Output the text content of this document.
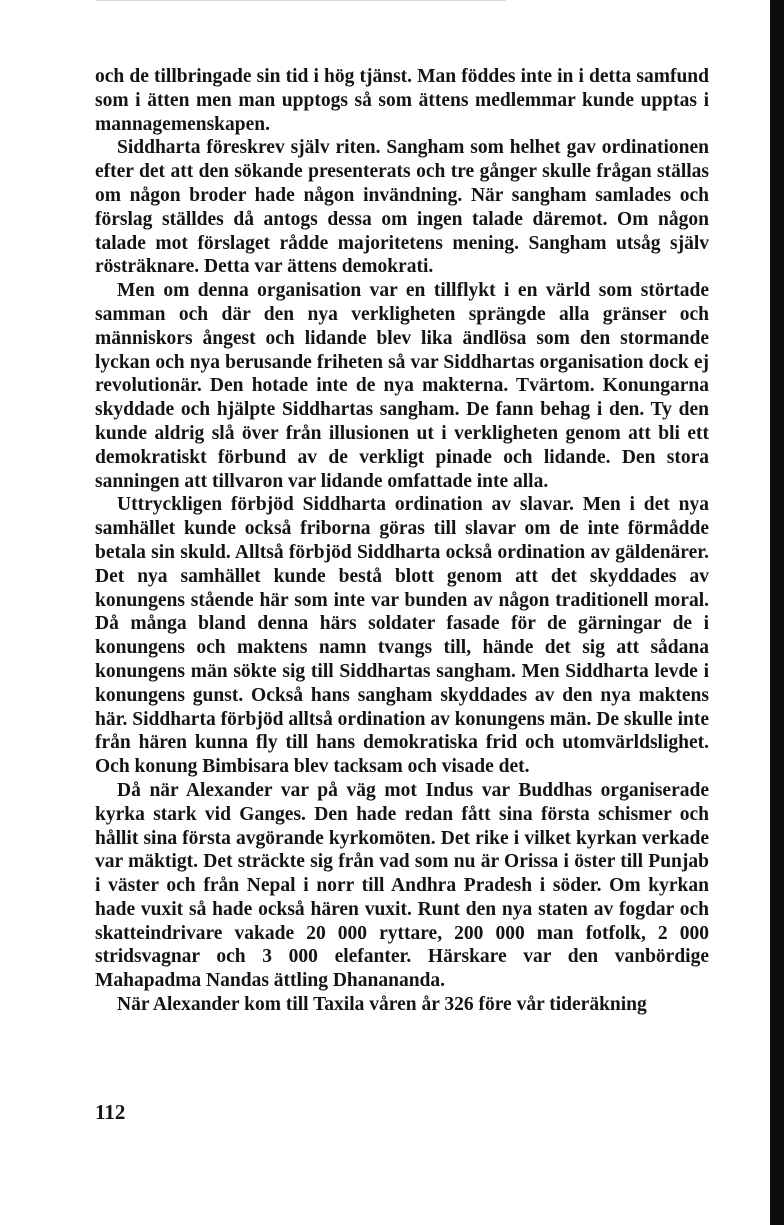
och de tillbringade sin tid i hög tjänst. Man föddes inte in i detta samfund som i ätten men man upptogs så som ättens medlemmar kunde upptas i mannagemenskapen.

Siddharta föreskrev själv riten. Sangham som helhet gav ordinationen efter det att den sökande presenterats och tre gånger skulle frågan ställas om någon broder hade någon invändning. När sangham samlades och förslag ställdes då antogs dessa om ingen talade däremot. Om någon talade mot förslaget rådde majoritetens mening. Sangham utsåg själv rösträknare. Detta var ättens demokrati.

Men om denna organisation var en tillflykt i en värld som störtade samman och där den nya verkligheten sprängde alla gränser och människors ångest och lidande blev lika ändlösa som den stormande lyckan och nya berusande friheten så var Siddhartas organisation dock ej revolutionär. Den hotade inte de nya makterna. Tvärtom. Konungarna skyddade och hjälpte Siddhartas sangham. De fann behag i den. Ty den kunde aldrig slå över från illusionen ut i verkligheten genom att bli ett demokratiskt förbund av de verkligt pinade och lidande. Den stora sanningen att tillvaron var lidande omfattade inte alla.

Uttryckligen förbjöd Siddharta ordination av slavar. Men i det nya samhället kunde också friborna göras till slavar om de inte förmådde betala sin skuld. Alltså förbjöd Siddharta också ordination av gäldenärer. Det nya samhället kunde bestå blott genom att det skyddades av konungens stående här som inte var bunden av någon traditionell moral. Då många bland denna härs soldater fasade för de gärningar de i konungens och maktens namn tvangs till, hände det sig att sådana konungens män sökte sig till Siddhartas sangham. Men Siddharta levde i konungens gunst. Också hans sangham skyddades av den nya maktens här. Siddharta förbjöd alltså ordination av konungens män. De skulle inte från hären kunna fly till hans demokratiska frid och utomvärldslighet. Och konung Bimbisara blev tacksam och visade det.

Då när Alexander var på väg mot Indus var Buddhas organiserade kyrka stark vid Ganges. Den hade redan fått sina första schismer och hållit sina första avgörande kyrkomöten. Det rike i vilket kyrkan verkade var mäktigt. Det sträckte sig från vad som nu är Orissa i öster till Punjab i väster och från Nepal i norr till Andhra Pradesh i söder. Om kyrkan hade vuxit så hade också hären vuxit. Runt den nya staten av fogdar och skatteindrivare vakade 20 000 ryttare, 200 000 man fotfolk, 2 000 stridsvagnar och 3 000 elefanter. Härskare var den vanbördige Mahapadma Nandas ättling Dhanananda.

När Alexander kom till Taxila våren år 326 före vår tideräkning

112
